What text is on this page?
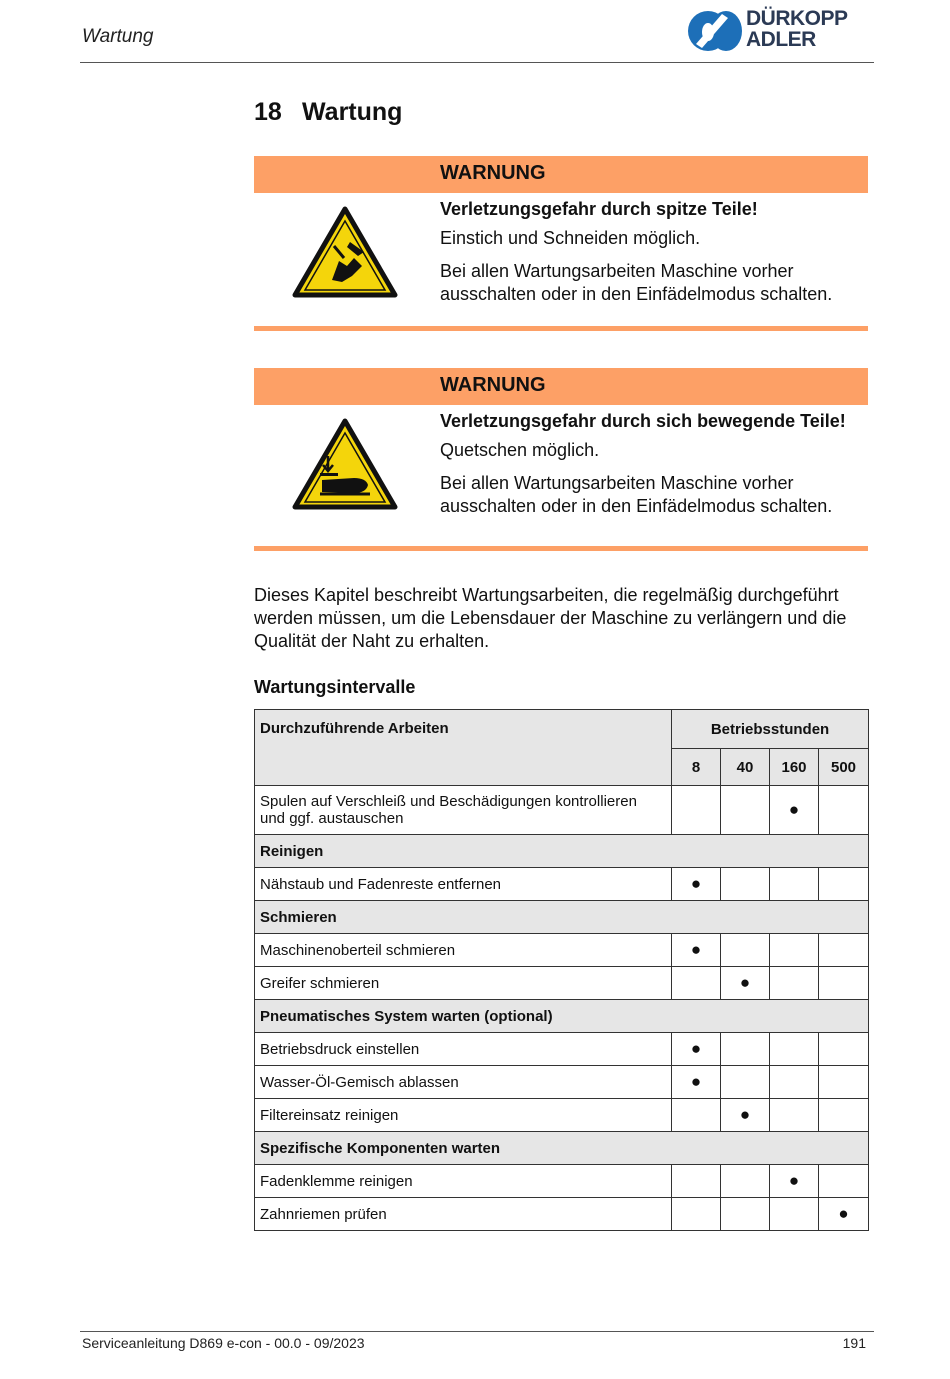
Wartung
DÜRKOPP
ADLER
18 Wartung
WARNUNG

Verletzungsgefahr durch spitze Teile!

Einstich und Schneiden möglich.

Bei allen Wartungsarbeiten Maschine vorher ausschalten oder in den Einfädelmodus schalten.

WARNUNG

Verletzungsgefahr durch sich bewegende Teile!

Quetschen möglich.

Bei allen Wartungsarbeiten Maschine vorher ausschalten oder in den Einfädelmodus schalten.

Dieses Kapitel beschreibt Wartungsarbeiten, die regelmäßig durchgeführt werden müssen, um die Lebensdauer der Maschine zu verlängern und die Qualität der Naht zu erhalten.

Wartungsintervalle

Durchzuführende Arbeiten	Betriebsstunden			
	8	40	160	500
Spulen auf Verschleiß und Beschädigungen kontrollieren und ggf. austauschen			●	
Reinigen				
Nähstaub und Fadenreste entfernen	●			
Schmieren				
Maschinenoberteil schmieren	●			
Greifer schmieren		●		
Pneumatisches System warten (optional)				
Betriebsdruck einstellen	●			
Wasser-Öl-Gemisch ablassen	●			
Filtereinsatz reinigen		●		
Spezifische Komponenten warten				
Fadenklemme reinigen			●	
Zahnriemen prüfen				●
Serviceanleitung D869 e-con - 00.0 - 09/2023	191
